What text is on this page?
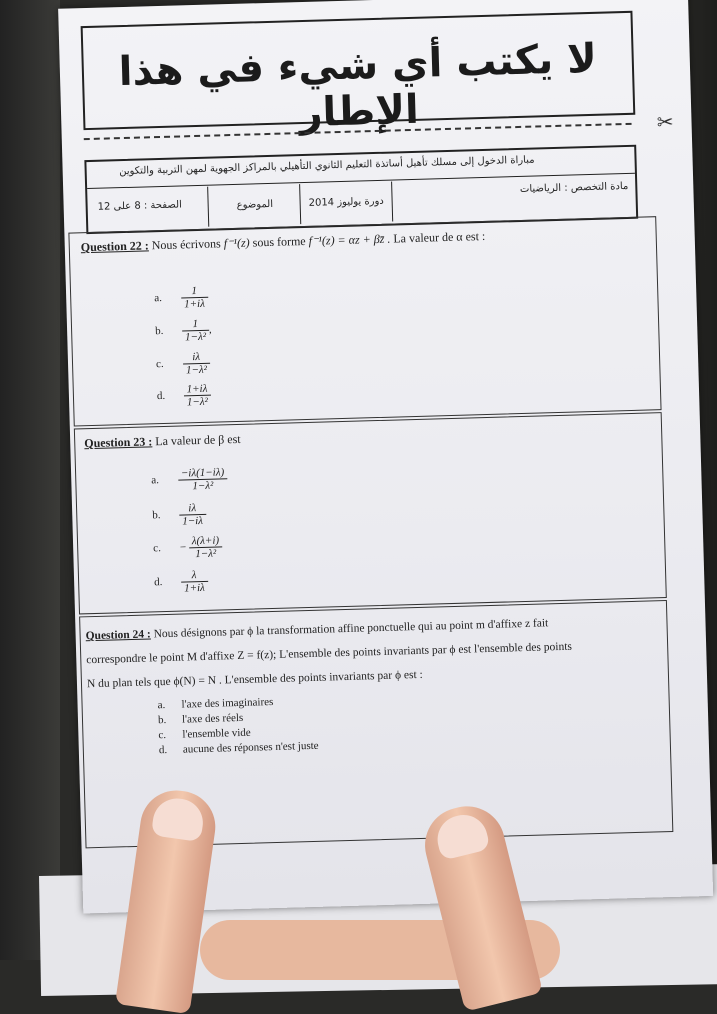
لا يكتب أي شيء في هذا الإطار	✂
مباراة الدخول إلى مسلك تأهيل أساتذة التعليم الثانوي التأهيلي بالمراكز الجهوية لمهن التربية والتكوين
الصفحة : 8 على 12	الموضوع	دورة يوليوز 2014
مادة التخصص : الرياضيات
Question 22 : Nous écrivons f⁻¹(z) sous forme f⁻¹(z) = αz + βz̄ . La valeur de α est :
a. $\frac{1}{1+i\lambda}$
b. $\frac{1}{\text{1−λ²}}$ ,
c. $\frac{i\lambda}{\text{1−λ²}}$
d. $\frac{1+i\lambda}{\text{1−λ²}}$
Question 23 : La valeur de β est
a. $\frac{-i\lambda(1-i\lambda)}{\text{1−λ²}}$
b. $\frac{i\lambda}{1-i\lambda}$
c. − $\frac{\lambda(\lambda+i)}{\text{1−λ²}}$
d. $\frac{\lambda}{1+i\lambda}$
Question 24 : Nous désignons par ϕ la transformation affine ponctuelle qui au point m d'affixe z fait
correspondre le point M d'affixe Z = f(z); L'ensemble des points invariants par ϕ est l'ensemble des points
N du plan tels que ϕ(N) = N . L'ensemble des points invariants par ϕ est :
a. l'axe des imaginaires
b. l'axe des réels
c. l'ensemble vide
d. aucune des réponses n'est juste
